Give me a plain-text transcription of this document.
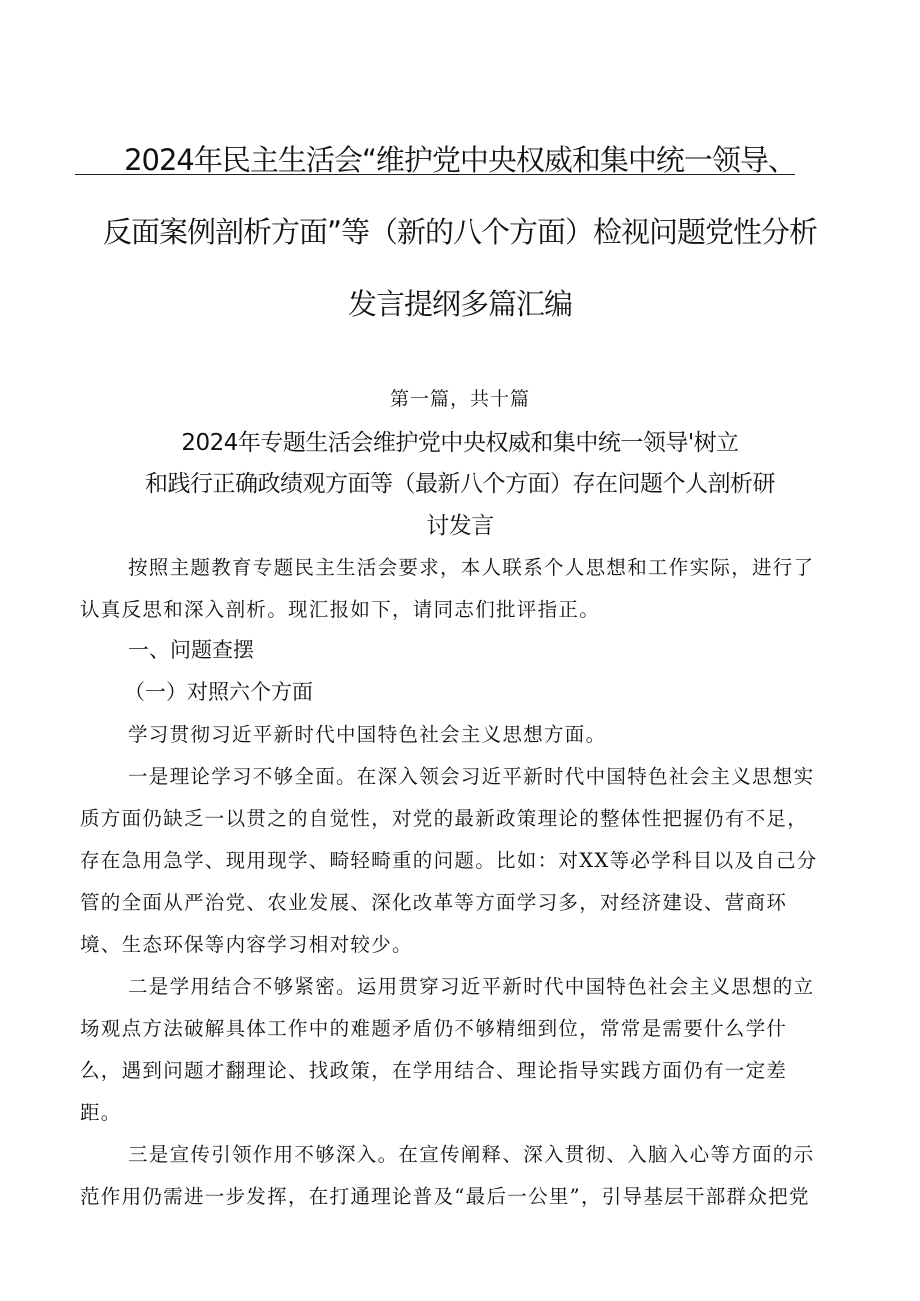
2024年民主生活会“维护党中央权威和集中统一领导、
反面案例剖析方面”等（新的八个方面）检视问题党性分析
发言提纲多篇汇编
第一篇，共十篇
2024年专题生活会维护党中央权威和集中统一领导'树立
和践行正确政绩观方面等（最新八个方面）存在问题个人剖析研
讨发言
按照主题教育专题民主生活会要求，本人联系个人思想和工作实际，进行了
认真反思和深入剖析。现汇报如下，请同志们批评指正。
一、问题查摆
（一）对照六个方面
学习贯彻习近平新时代中国特色社会主义思想方面。
一是理论学习不够全面。在深入领会习近平新时代中国特色社会主义思想实
质方面仍缺乏一以贯之的自觉性，对党的最新政策理论的整体性把握仍有不足，
存在急用急学、现用现学、畸轻畸重的问题。比如：对XX等必学科目以及自己分
管的全面从严治党、农业发展、深化改革等方面学习多，对经济建设、营商环
境、生态环保等内容学习相对较少。
二是学用结合不够紧密。运用贯穿习近平新时代中国特色社会主义思想的立
场观点方法破解具体工作中的难题矛盾仍不够精细到位，常常是需要什么学什
么，遇到问题才翻理论、找政策，在学用结合、理论指导实践方面仍有一定差
距。
三是宣传引领作用不够深入。在宣传阐释、深入贯彻、入脑入心等方面的示
范作用仍需进一步发挥，在打通理论普及“最后一公里”，引导基层干部群众把党
